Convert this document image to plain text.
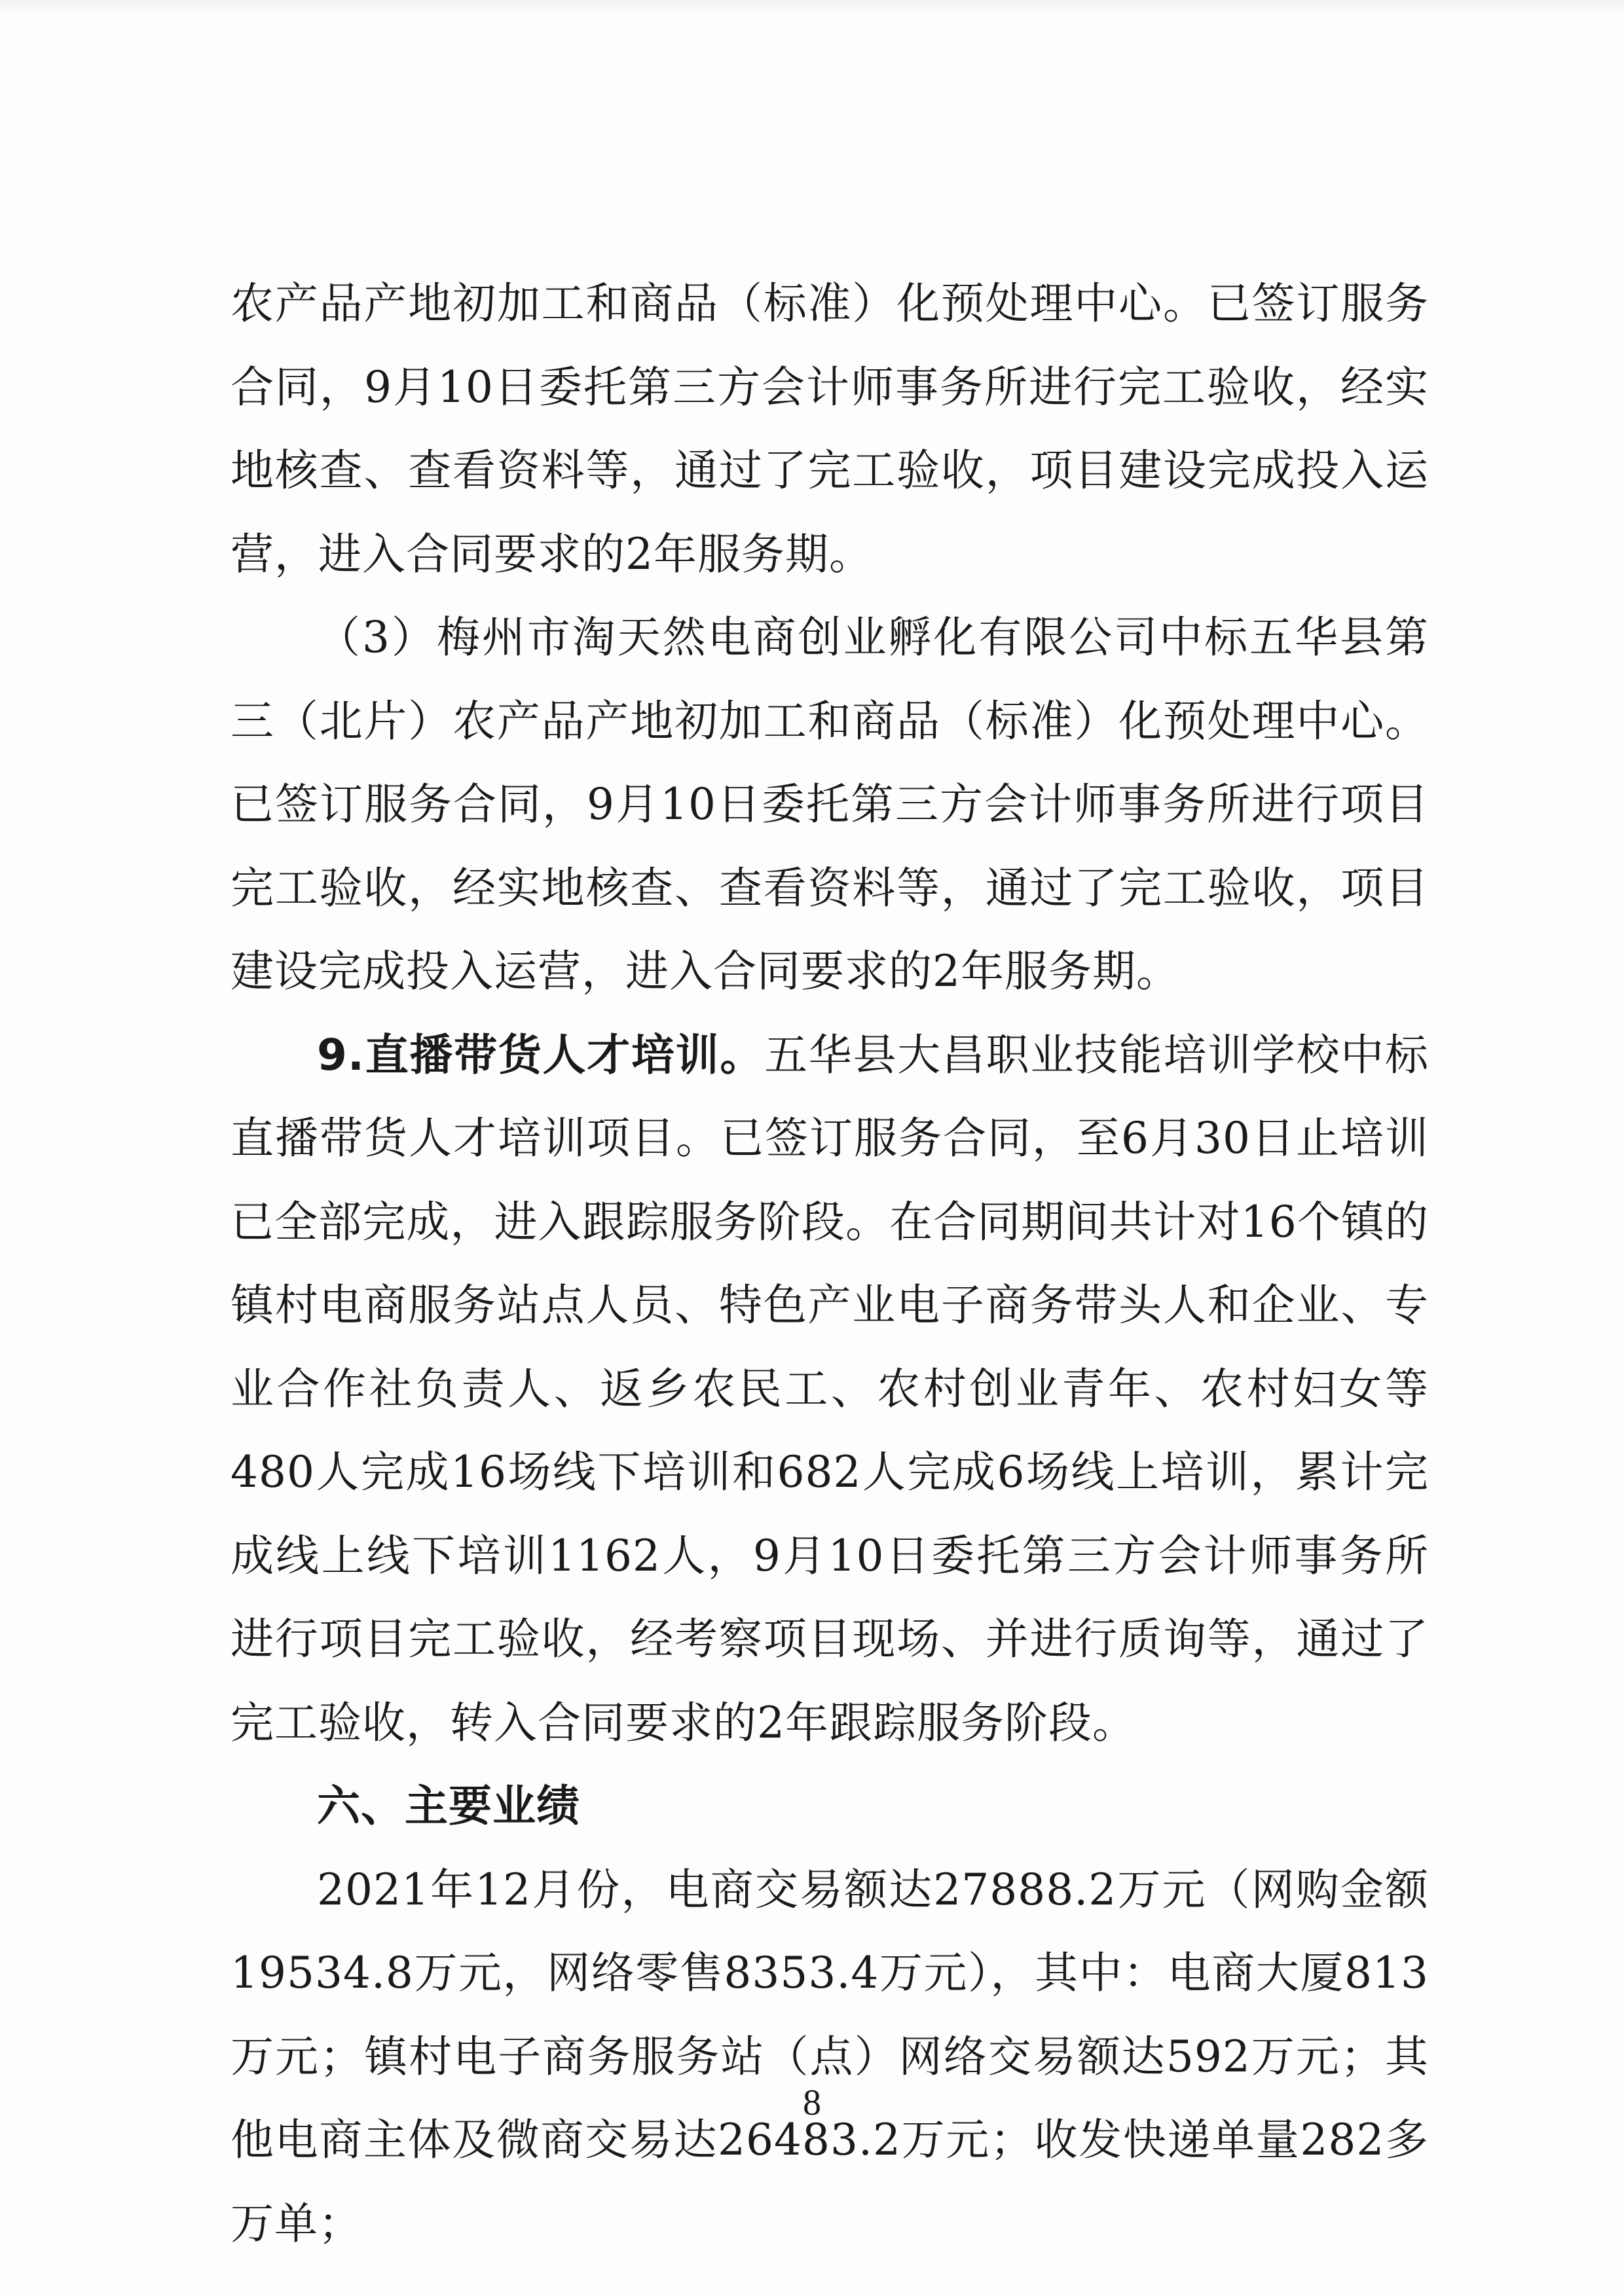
农产品产地初加工和商品（标准）化预处理中心。已签订服务合同，9月10日委托第三方会计师事务所进行完工验收，经实地核查、查看资料等，通过了完工验收，项目建设完成投入运营，进入合同要求的2年服务期。

（3）梅州市淘天然电商创业孵化有限公司中标五华县第三（北片）农产品产地初加工和商品（标准）化预处理中心。已签订服务合同，9月10日委托第三方会计师事务所进行项目完工验收，经实地核查、查看资料等，通过了完工验收，项目建设完成投入运营，进入合同要求的2年服务期。

9.直播带货人才培训。五华县大昌职业技能培训学校中标直播带货人才培训项目。已签订服务合同，至6月30日止培训已全部完成，进入跟踪服务阶段。在合同期间共计对16个镇的镇村电商服务站点人员、特色产业电子商务带头人和企业、专业合作社负责人、返乡农民工、农村创业青年、农村妇女等480人完成16场线下培训和682人完成6场线上培训，累计完成线上线下培训1162人，9月10日委托第三方会计师事务所进行项目完工验收，经考察项目现场、并进行质询等，通过了完工验收，转入合同要求的2年跟踪服务阶段。

六、主要业绩

2021年12月份，电商交易额达27888.2万元（网购金额19534.8万元，网络零售8353.4万元），其中：电商大厦813万元；镇村电子商务服务站（点）网络交易额达592万元；其他电商主体及微商交易达26483.2万元；收发快递单量282多万单；

8
